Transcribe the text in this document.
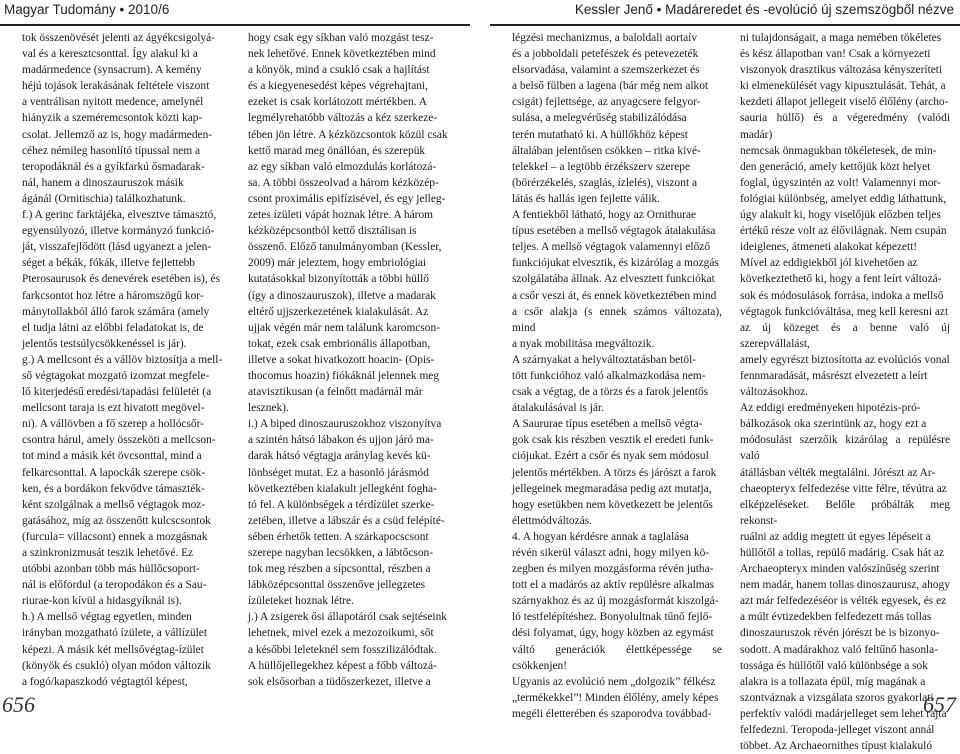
Magyar Tudomány • 2010/6	Kessler Jenő • Madáreredet és -evolúció új szemszögből nézve
tok összenövését jelenti az ágyékcsigolyá-
val és a keresztcsonttal. Így alakul ki a
madármedence (synsacrum). A kemény
héjú tojások lerakásának feltétele viszont
a ventrálisan nyitott medence, amelynél
hiányzik a szeméremcsontok közti kap-
csolat. Jellemző az is, hogy madármeden-
céhez némileg hasonlító típussal nem a
teropodáknál és a gyíkfarkú ősmadarak-
nál, hanem a dinoszauruszok másik
ágánál (Ornitischia) találkozhatunk.
f.) A gerinc farktájéka, elvesztve támasztó,
egyensúlyozó, illetve kormányzó funkció-
ját, visszafejlődött (lásd ugyanezt a jelen-
séget a békák, fókák, illetve fejlettebb
Pterosaurusok és denevérek esetében is), és
farkcsontot hoz létre a háromszögű kor-
mánytollakból álló farok számára (amely
el tudja látni az előbbi feladatokat is, de
jelentős testsúlycsökkenéssel is jár).
g.) A mellcsont és a vállöv biztosítja a mell-
ső végtagokat mozgató izomzat megfele-
lő kiterjedésű eredési/tapadási felületét (a
mellcsont taraja is ezt hivatott megövel-
ni). A vállövben a fő szerep a hollócsőr-
csontra hárul, amely összeköti a mellcson-
tot mind a másik két övcsonttal, mind a
felkarcsonttal. A lapockák szerepe csök-
ken, és a bordákon fekvődve támaszték-
ként szolgálnak a mellső végtagok moz-
gatásához, míg az összenőtt kulcscsontok
(furcula= villacsont) ennek a mozgásnak
a szinkronizmusát teszik lehetővé. Ez
utóbbi azonban több más hüllőcsoport-
nál is előfordul (a teropodákon és a Sau-
riurae-kon kívül a hidasgyíknál is).
h.) A mellső végtag egyetlen, minden
irányban mozgatható ízülete, a vállízület
képezi. A másik két mellsővégtag-ízület
(könyök és csukló) olyan módon változik
a fogó/kapaszkodó végtagtól képest,
hogy csak egy síkban való mozgást tesz-
nek lehetővé. Ennek következtében mind
a könyök, mind a csukló csak a hajlítást
és a kiegyenesedést képes végrehajtani,
ezeket is csak korlátozott mértékben. A
legmélyrehatóbb változás a kéz szerkeze-
tében jön létre. A kézközcsontok közül csak
kettő marad meg önállóan, és szerepük
az egy síkban való elmozdulás korlátozá-
sa. A többi összeolvad a három kézközép-
csont proximális epifízisével, és egy jelleg-
zetes ízületi vápát hoznak létre. A három
kézközépcsontból kettő disztálisan is
összenő. Előző tanulmányomban (Kessler,
2009) már jeleztem, hogy embriológiai
kutatásokkal bizonyították a többi hüllő
(így a dinoszauruszok), illetve a madarak
eltérő ujjszerkezetének kialakulását. Az
ujjak végén már nem találunk karomcson-
tokat, ezek csak embrionális állapotban,
illetve a sokat hivatkozott hoacin- (Opis-
thocomus hoazin) fiókáknál jelennek meg
atavisztikusan (a felnőtt madárnál már
lesznek).
i.) A biped dinoszauruszokhoz viszonyítva
a szintén hátsó lábakon és ujjon járó ma-
darak hátsó végtagja aránylag kevés kü-
lönbséget mutat. Ez a hasonló járásmód
következtében kialakult jellegként fogha-
tó fel. A különbségek a térdízület szerke-
zetében, illetve a lábszár és a csüd felépíté-
sében érhetők tetten. A szárkapocscsont
szerepe nagyban lecsökken, a lábtőcson-
tok meg részben a sípcsonttal, részben a
lábközépcsonttal összenőve jellegzetes
ízületeket hoznak létre.
j.) A zsigerek ősi állapotáról csak sejtéseink
lehetnek, mivel ezek a mezozoikumi, sőt
a későbbi leleteknél sem fosszilizálódtak.
A hüllőjellegekhez képest a főbb változá-
sok elsősorban a tüdőszerkezet, illetve a
légzési mechanizmus, a baloldali aortaív
és a jobboldali petefészek és petevezeték
elsorvadása, valamint a szemszerkezet és
a belső fülben a lagena (bár még nem alkot
csigát) fejlettsége, az anyagcsere felgyor-
sulása, a melegvérűség stabilizálódása
terén mutatható ki. A hüllőkhöz képest
általában jelentősen csökken – ritka kivé-
telekkel – a legtöbb érzékszerv szerepe
(bőrérzékelés, szaglás, ízlelés), viszont a
látás és hallás igen fejlette válik.
A fentiekből látható, hogy az Ornithurae
típus esetében a mellső végtagok átalakulása
teljes. A mellső végtagok valamennyi előző
funkciójukat elvesztik, és kizárólag a mozgás
szolgálatába állnak. Az elvesztett funkciókat
a csőr veszi át, és ennek következtében mind
a csőr alakja (s ennek számos változata), mind
a nyak mobilitása megváltozik.
A szárnyakat a helyváltoztatásban betöl-
tött funkcióhoz való alkalmazkodása nem-
csak a végtag, de a törzs és a farok jelentős
átalakulásával is jár.
A Saururae típus esetében a mellső végta-
gok csak kis részben vesztik el eredeti funk-
ciójukat. Ezért a csőr és nyak sem módosul
jelentős mértékben. A törzs és járószt a farok
jellegeinek megmaradása pedig azt mutatja,
hogy esetükben nem következett be jelentős
élettmódváltozás.
4. A hogyan kérdésre annak a taglalása
révén sikerül választ adni, hogy milyen kö-
zegben és milyen mozgásforma révén jutha-
tott el a madárós az aktív repülésre alkalmas
szárnyakhoz és az új mozgásformát kiszolgá-
ló testfelépítéshez. Bonyolultnak tűnő fejlő-
dési folyamat, úgy, hogy közben az egymást
váltó generációk élettképessége se csökkenjen!
Ugyanis az evolúció nem „dolgozik” félkész
„termékekkel”! Minden élőlény, amely képes
megéli életterében és szaporodva továbbad-
ni tulajdonságait, a maga nemében tökéletes
és kész állapotban van! Csak a környezeti
viszonyok drasztikus változása kényszeríteti
ki elmenekülését vagy kipusztulását. Tehát, a
kezdeti állapot jellegeit viselő élőlény (archo-
sauria hüllő) és a végeredmény (valódi madár)
nemcsak önmagukban tökéletesek, de min-
den generáció, amely kettőjük közt helyet
foglal, úgyszintén az volt! Valamennyi mor-
fológiai különbség, amelyet eddig láthattunk,
úgy alakult ki, hogy viselőjük előzben teljes
értékű része volt az élővilágnak. Nem csupán
ideiglenes, átmeneti alakokat képezett!
Mível az eddigiekből jól kivehetően az
következtethető ki, hogy a fent leírt változá-
sok és módosulások forrása, indoka a mellső
végtagok funkcióváltása, meg kell keresni azt
az új közeget és a benne való új szerepvállalást,
amely egyrészt biztosította az evolúciós vonal
fennmaradását, másrészt elvezetett a leírt
változásokhoz.
Az eddigi eredményeken hipotézis-pró-
bálkozások oka szerintünk az, hogy ezt a
módosulást szerzőik kizárólag a repülésre való
átállásban vélték megtalálni. Jórészt az Ar-
chaeopteryx felfedezése vitte félre, tévútra az
elképzeléseket. Belőle próbálták meg rekonst-
ruálni az addig megtett út egyes lépéseit a
hüllőtől a tollas, repülő madárig. Csak hát az
Archaeopteryx minden valószínűség szerint
nem madár, hanem tollas dinoszaurusz, ahogy
azt már felfedezéséor is vélték egyesek, és ez
a múlt évtizedekben felfedezett más tollas
dinoszauruszok révén jórészt be is bizonyo-
sodott. A madárakhoz való feltűnő hasonla-
tossága és hüllőtől való különbsége a sok
alakra is a tollazata épül, míg magának a
szontváznak a vizsgálata szoros gyakorlati
perfektív valódi madárjelleget sem lehet rajta
felfedezni. Teropoda-jelleget viszont annál
többet. Az Archaeornithes típust kialakuló
656	657
